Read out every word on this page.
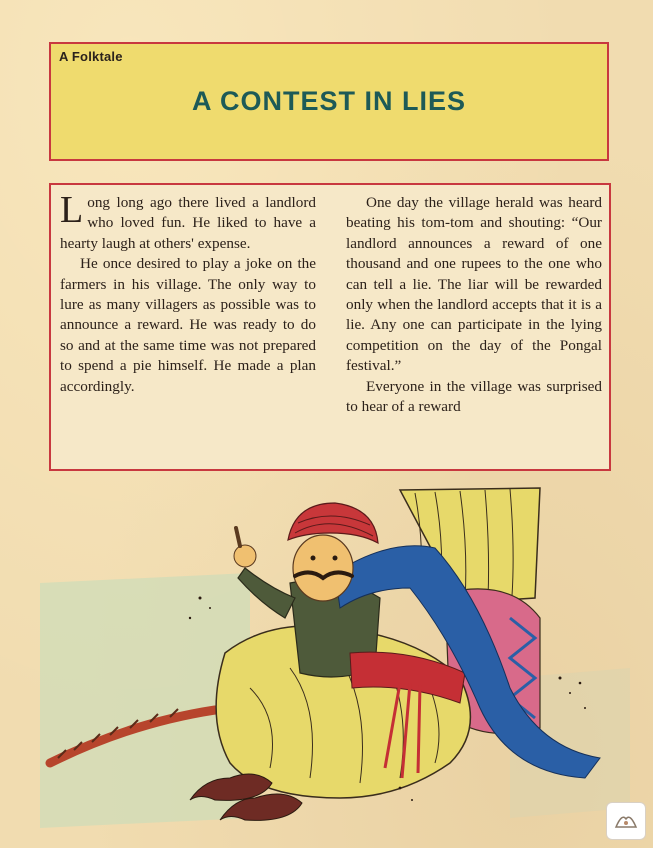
A Folktale
A CONTEST IN LIES

Long long ago there lived a landlord who loved fun. He liked to have a hearty laugh at others' expense.

He once desired to play a joke on the farmers in his village. The only way to lure as many villagers as possible was to announce a reward. He was ready to do so and at the same time was not prepared to spend a pie himself. He made a plan accordingly.

One day the village herald was heard beating his tom-tom and shouting: “Our landlord announces a reward of one thousand and one rupees to the one who can tell a lie. The liar will be rewarded only when the landlord accepts that it is a lie. Any one can participate in the lying competition on the day of the Pongal festival.”

Everyone in the village was surprised to hear of a reward
